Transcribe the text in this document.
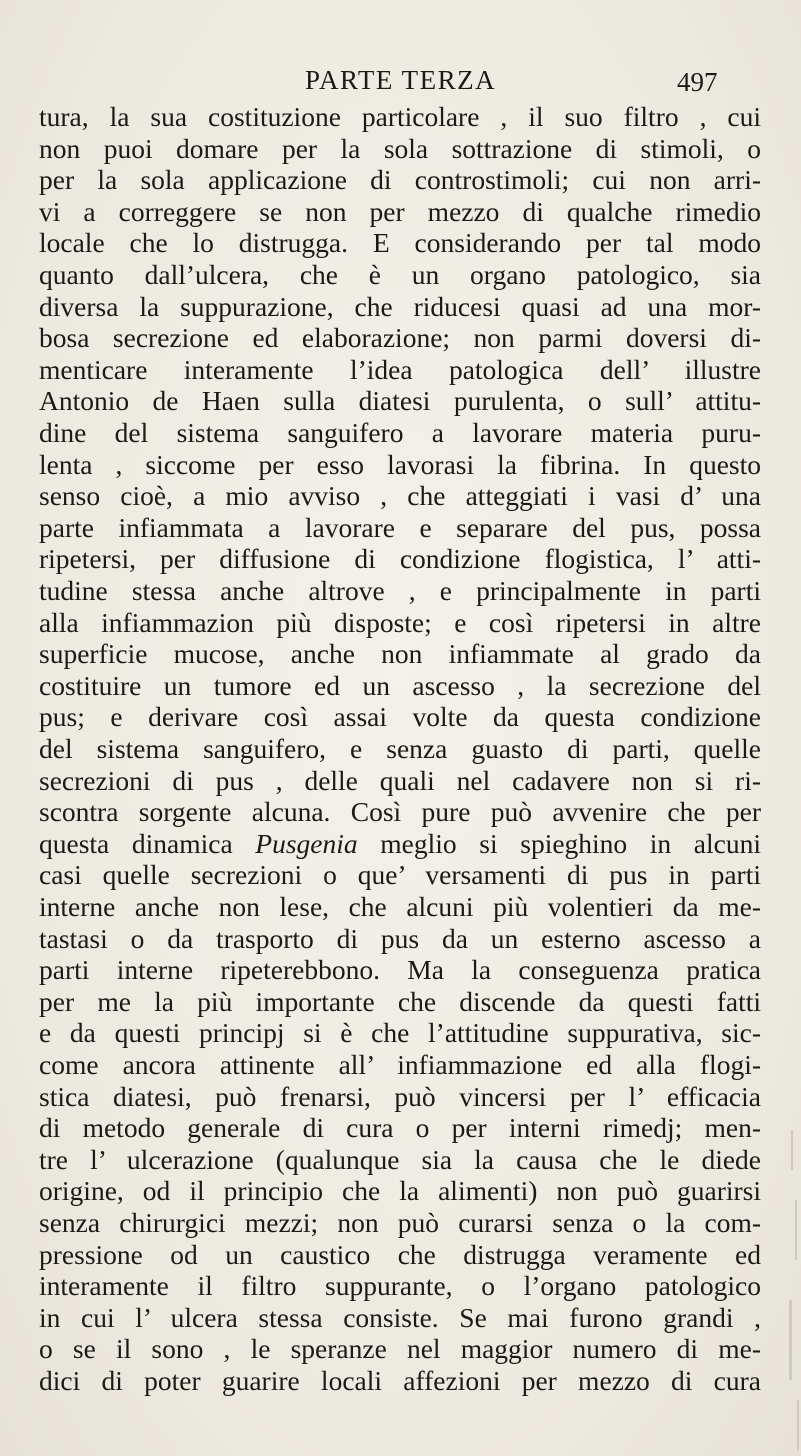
PARTE TERZA	497
tura, la sua costituzione particolare , il suo filtro , cui
non puoi domare per la sola sottrazione di stimoli, o
per la sola applicazione di controstimoli; cui non arri-
vi a correggere se non per mezzo di qualche rimedio
locale che lo distrugga. E considerando per tal modo
quanto dall’ulcera, che è un organo patologico, sia
diversa la suppurazione, che riducesi quasi ad una mor-
bosa secrezione ed elaborazione; non parmi doversi di-
menticare interamente l’idea patologica dell’ illustre
Antonio de Haen sulla diatesi purulenta, o sull’ attitu-
dine del sistema sanguifero a lavorare materia puru-
lenta , siccome per esso lavorasi la fibrina. In questo
senso cioè, a mio avviso , che atteggiati i vasi d’ una
parte infiammata a lavorare e separare del pus, possa
ripetersi, per diffusione di condizione flogistica, l’ atti-
tudine stessa anche altrove , e principalmente in parti
alla infiammazion più disposte; e così ripetersi in altre
superficie mucose, anche non infiammate al grado da
costituire un tumore ed un ascesso , la secrezione del
pus; e derivare così assai volte da questa condizione
del sistema sanguifero, e senza guasto di parti, quelle
secrezioni di pus , delle quali nel cadavere non si ri-
scontra sorgente alcuna. Così pure può avvenire che per
questa dinamica Pusgenia meglio si spieghino in alcuni
casi quelle secrezioni o que’ versamenti di pus in parti
interne anche non lese, che alcuni più volentieri da me-
tastasi o da trasporto di pus da un esterno ascesso a
parti interne ripeterebbono. Ma la conseguenza pratica
per me la più importante che discende da questi fatti
e da questi principj si è che l’attitudine suppurativa, sic-
come ancora attinente all’ infiammazione ed alla flogi-
stica diatesi, può frenarsi, può vincersi per l’ efficacia
di metodo generale di cura o per interni rimedj; men-
tre l’ ulcerazione (qualunque sia la causa che le diede
origine, od il principio che la alimenti) non può guarirsi
senza chirurgici mezzi; non può curarsi senza o la com-
pressione od un caustico che distrugga veramente ed
interamente il filtro suppurante, o l’organo patologico
in cui l’ ulcera stessa consiste. Se mai furono grandi ,
o se il sono , le speranze nel maggior numero di me-
dici di poter guarire locali affezioni per mezzo di cura
